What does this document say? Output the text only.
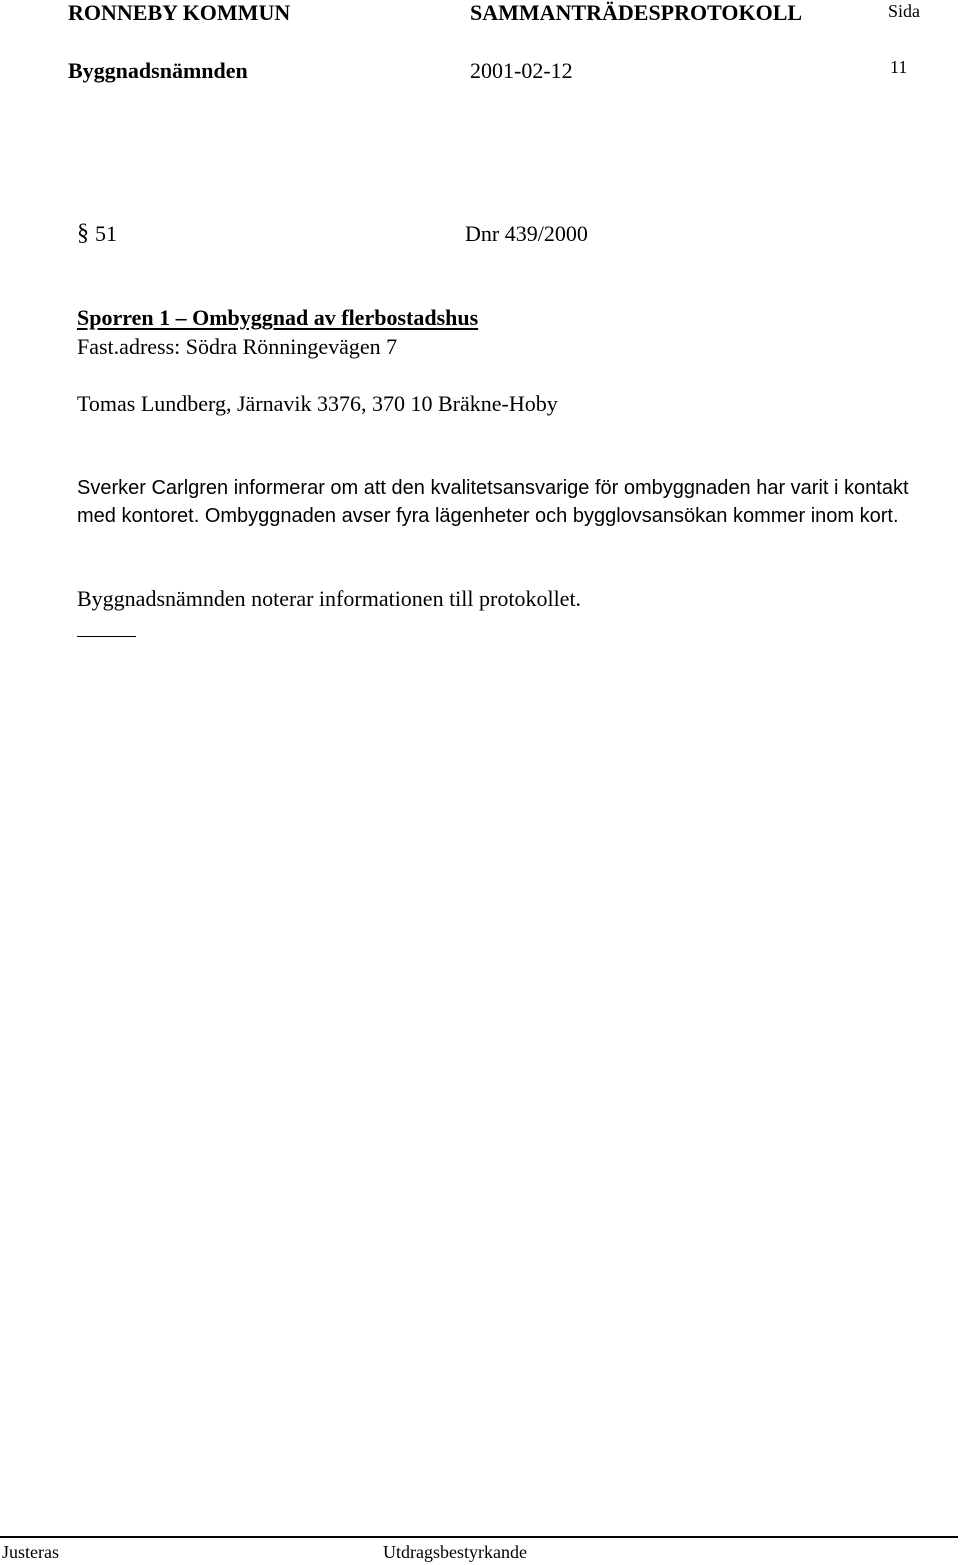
RONNEBY KOMMUN	SAMMANTRÄDESPROTOKOLL	Sida
Byggnadsnämnden	2001-02-12	11
§ 51	Dnr 439/2000
Sporren 1 – Ombyggnad av flerbostadshus
Fast.adress: Södra Rönningevägen 7
Tomas Lundberg, Järnavik 3376, 370 10 Bräkne-Hoby
Sverker Carlgren informerar om att den kvalitetsansvarige för ombyggnaden har varit i kontakt med kontoret. Ombyggnaden avser fyra lägenheter och bygglovsansökan kommer inom kort.
Byggnadsnämnden noterar informationen till protokollet.
Justeras	Utdragsbestyrkande
